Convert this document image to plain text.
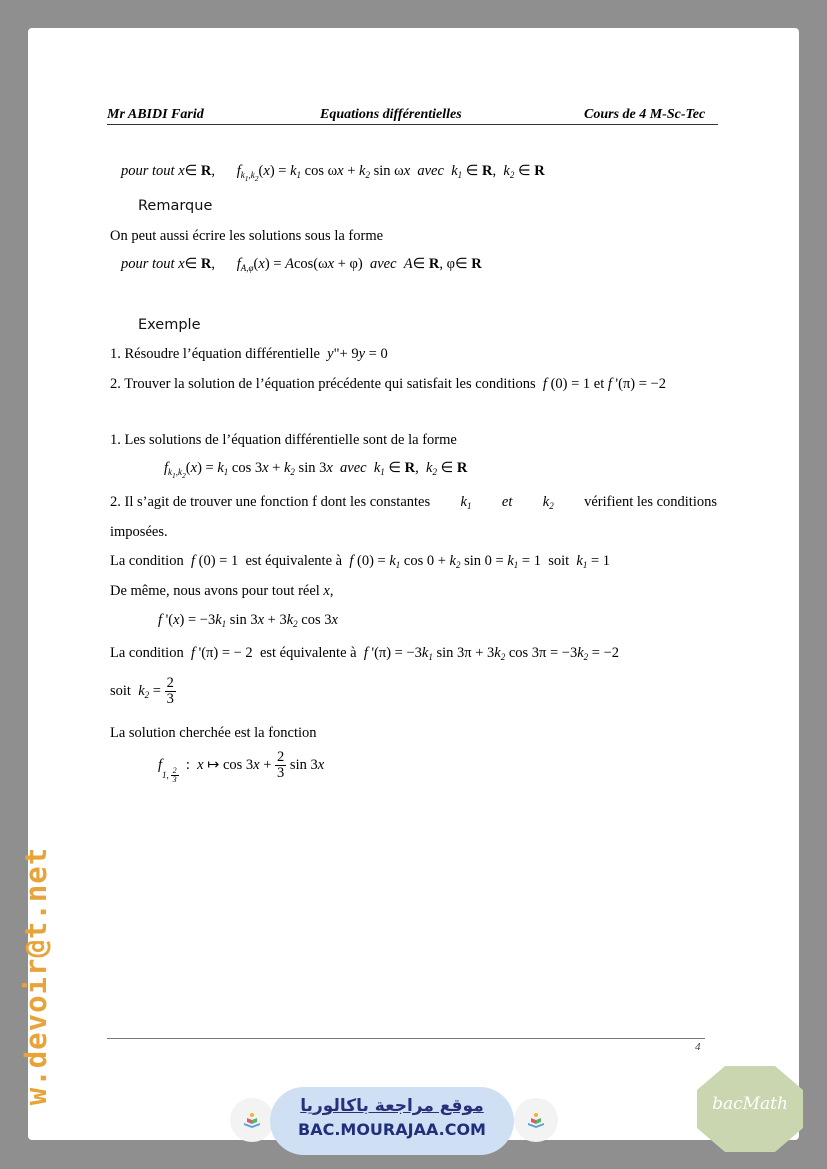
Mr ABIDI Farid	Equations différentielles	Cours de 4 M-Sc-Tec
pour tout x∈ R,      $f_{k_1,k_2}(x) = k_1$ $\cos \omega x + k_2$ sin ωx avec $k_1$ ∈ R,  $k_2$ ∈ R
Remarque
On peut aussi écrire les solutions sous la forme
pour tout x∈ R,      $f_{A,\varphi}(x) = Acos(\omega x + \varphi)$  avec A∈ R, φ∈ R
Exemple
1. Résoudre l’équation différentielle y"+ 9y = 0
2. Trouver la solution de l’équation précédente qui satisfait les conditions f (0) = 1 et f '(π) = −2
1. Les solutions de l’équation différentielle sont de la forme
$f_{k_1,k_2}(x) = k_1$ $\cos 3x + k_2$ sin 3x avec $k_1$ ∈ R,  $k_2$ ∈ R
2. Il s’agit de trouver une fonction f dont les constantes $k_1$ et $k_2$ vérifient les conditions
imposées.
La condition f (0) = 1 est équivalente à f $(0) = k_1$ $\cos 0 + k_2$ $\sin 0 = k_1 = 1$ soit $k_1 = 1$
De même, nous avons pour tout réel x,
f '$(x) = -3k_1$ $\sin 3x + 3k_2$ cos 3x
La condition f '(π) = − 2 est équivalente à f '$(\pi) = -3k_1$ $\sin 3\pi + 3k_2$ $\cos 3\pi = -3k_2 = -2$
soit $k_2 = \frac{2}{3}$
La solution cherchée est la fonction
$f_{1, \frac{2}{3}}$
:  x ↦ $\cos 3x + \frac{2}{3}$ sin 3x
4
w.devoir@t.net
موقع مراجعة باكالوريا
BAC.MOURAJAA.COM
bacMath
